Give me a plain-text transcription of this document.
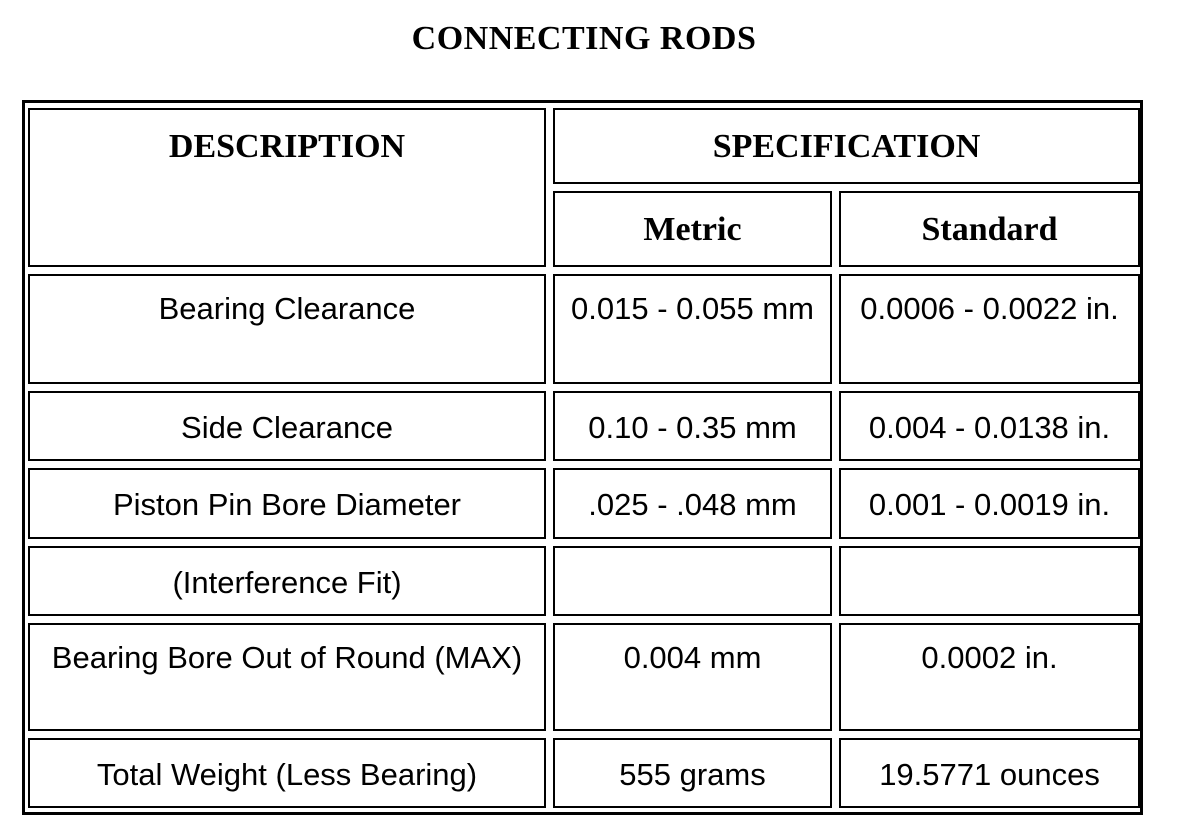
CONNECTING RODS
DESCRIPTION	SPECIFICATION	
	Metric	Standard
Bearing Clearance	0.015 - 0.055 mm	0.0006 - 0.0022 in.
Side Clearance	0.10 - 0.35 mm	0.004 - 0.0138 in.
Piston Pin Bore Diameter	.025 - .048 mm	0.001 - 0.0019 in.
(Interference Fit)		
Bearing Bore Out of Round (MAX)	0.004 mm	0.0002 in.
Total Weight (Less Bearing)	555 grams	19.5771 ounces
